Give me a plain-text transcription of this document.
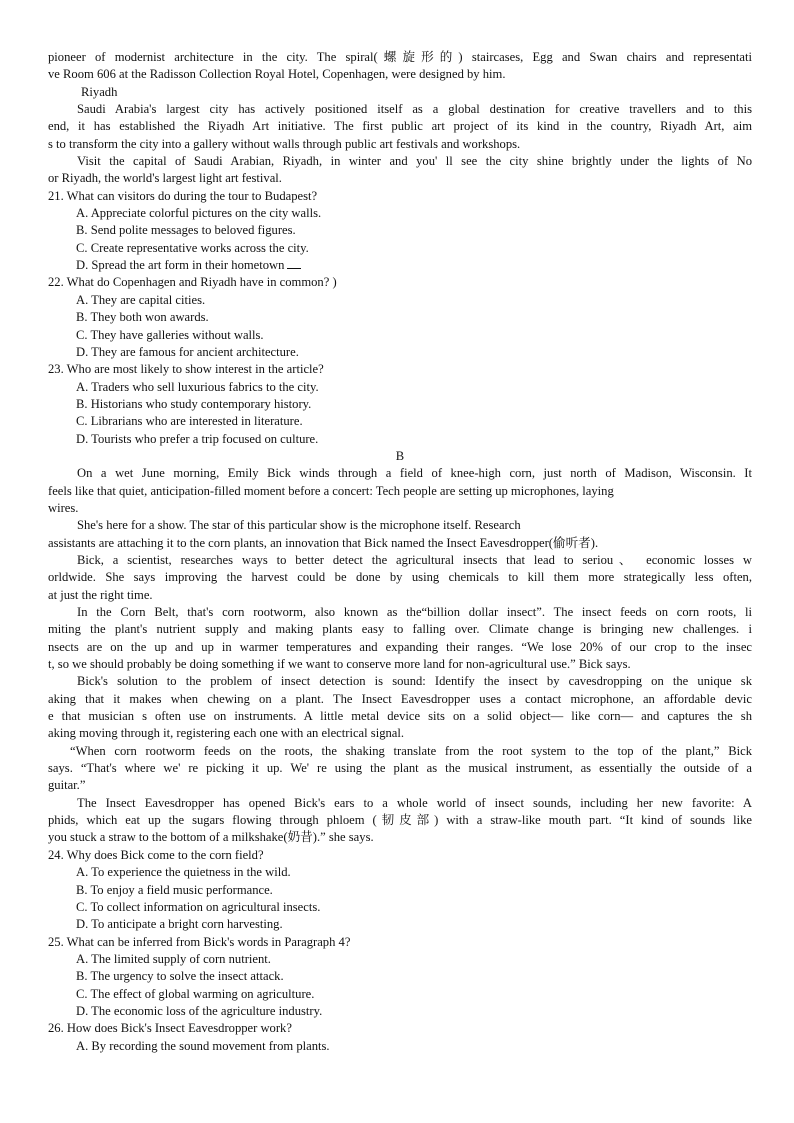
pioneer of modernist architecture in the city. The spiral(螺旋形的) staircases, Egg and Swan chairs and representati

ve Room 606 at the Radisson Collection Royal Hotel, Copenhagen, were designed by him.

Riyadh

Saudi Arabia's largest city has actively positioned itself as a global destination for creative travellers and to this

end, it has established the Riyadh Art initiative. The first public art project of its kind in the country, Riyadh Art, aim

s to transform the city into a gallery without walls through public art festivals and workshops.

Visit the capital of Saudi Arabian, Riyadh, in winter and you' ll see the city shine brightly under the lights of No

or Riyadh, the world's largest light art festival.

21. What can visitors do during the tour to Budapest?

A. Appreciate colorful pictures on the city walls.

B. Send polite messages to beloved figures.

C. Create representative works across the city.

D. Spread the art form in their hometown

22. What do Copenhagen and Riyadh have in common? )

A. They are capital cities.

B. They both won awards.

C. They have galleries without walls.

D. They are famous for ancient architecture.

23. Who are most likely to show interest in the article?

A. Traders who sell luxurious fabrics to the city.

B. Historians who study contemporary history.

C. Librarians who are interested in literature.

D. Tourists who prefer a trip focused on culture.

B

On a wet June morning, Emily Bick winds through a field of knee-high corn, just north of Madison, Wisconsin. It

feels like that quiet, anticipation-filled moment before a concert: Tech people are setting up microphones, laying

wires.

She's here for a show. The star of this particular show is the microphone itself. Research

assistants are attaching it to the corn plants, an innovation that Bick named the Insect Eavesdropper(偷听者).

Bick, a scientist, researches ways to better detect the agricultural insects that lead to seriou、 economic losses w

orldwide. She says improving the harvest could be done by using chemicals to kill them more strategically less often,

at just the right time.

In the Corn Belt, that's corn rootworm, also known as the“billion dollar insect”. The insect feeds on corn roots, li

miting the plant's nutrient supply and making plants easy to falling over. Climate change is bringing new challenges. i

nsects are on the up and up in warmer temperatures and expanding their ranges. “We lose 20% of our crop to the insec

t, so we should probably be doing something if we want to conserve more land for non-agricultural use.” Bick says.

Bick's solution to the problem of insect detection is sound: Identify the insect by cavesdropping on the unique sk

aking that it makes when chewing on a plant. The Insect Eavesdropper uses a contact microphone, an affordable devic

e that musician s often use on instruments. A little metal device sits on a solid object— like corn— and captures the sh

aking moving through it, registering each one with an electrical signal.

“When corn rootworm feeds on the roots, the shaking translate from the root system to the top of the plant,” Bick

says. “That's where we' re picking it up. We' re using the plant as the musical instrument, as essentially the outside of a

guitar.”

The Insect Eavesdropper has opened Bick's ears to a whole world of insect sounds, including her new favorite: A

phids, which eat up the sugars flowing through phloem (韧皮部) with a straw-like mouth part. “It kind of sounds like

you stuck a straw to the bottom of a milkshake(奶昔).” she says.

24. Why does Bick come to the corn field?

A. To experience the quietness in the wild.

B. To enjoy a field music performance.

C. To collect information on agricultural insects.

D. To anticipate a bright corn harvesting.

25. What can be inferred from Bick's words in Paragraph 4?

A. The limited supply of corn nutrient.

B. The urgency to solve the insect attack.

C. The effect of global warming on agriculture.

D. The economic loss of the agriculture industry.

26. How does Bick's Insect Eavesdropper work?

A. By recording the sound movement from plants.
